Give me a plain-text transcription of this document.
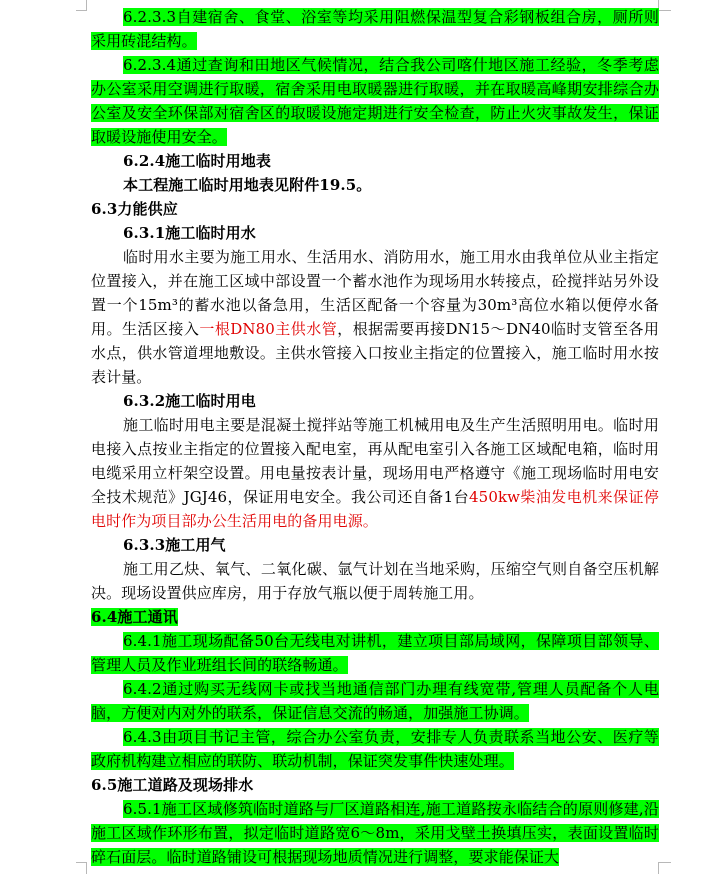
6.2.3.3自建宿舍、食堂、浴室等均采用阻燃保温型复合彩钢板组合房，厕所则采用砖混结构。

6.2.3.4通过查询和田地区气候情况，结合我公司喀什地区施工经验，冬季考虑办公室采用空调进行取暖，宿舍采用电取暖器进行取暖，并在取暖高峰期安排综合办公室及安全环保部对宿舍区的取暖设施定期进行安全检查，防止火灾事故发生，保证取暖设施使用安全。

6.2.4施工临时用地表

本工程施工临时用地表见附件19.5。

6.3力能供应

6.3.1施工临时用水

临时用水主要为施工用水、生活用水、消防用水，施工用水由我单位从业主指定位置接入，并在施工区域中部设置一个蓄水池作为现场用水转接点，砼搅拌站另外设置一个15m³的蓄水池以备急用，生活区配备一个容量为30m³高位水箱以便停水备用。生活区接入一根DN80主供水管，根据需要再接DN15～DN40临时支管至各用水点，供水管道埋地敷设。主供水管接入口按业主指定的位置接入，施工临时用水按表计量。

6.3.2施工临时用电

施工临时用电主要是混凝土搅拌站等施工机械用电及生产生活照明用电。临时用电接入点按业主指定的位置接入配电室，再从配电室引入各施工区域配电箱，临时用电缆采用立杆架空设置。用电量按表计量，现场用电严格遵守《施工现场临时用电安全技术规范》JGJ46，保证用电安全。我公司还自备1台450kw柴油发电机来保证停电时作为项目部办公生活用电的备用电源。

6.3.3施工用气

施工用乙炔、氧气、二氧化碳、氩气计划在当地采购，压缩空气则自备空压机解决。现场设置供应库房，用于存放气瓶以便于周转施工用。

6.4施工通讯

6.4.1施工现场配备50台无线电对讲机，建立项目部局域网，保障项目部领导、管理人员及作业班组长间的联络畅通。

6.4.2通过购买无线网卡或找当地通信部门办理有线宽带,管理人员配备个人电脑，方便对内对外的联系，保证信息交流的畅通，加强施工协调。

6.4.3由项目书记主管，综合办公室负责，安排专人负责联系当地公安、医疗等政府机构建立相应的联防、联动机制，保证突发事件快速处理。

6.5施工道路及现场排水

6.5.1施工区域修筑临时道路与厂区道路相连,施工道路按永临结合的原则修建,沿施工区域作环形布置，拟定临时道路宽6～8m，采用戈壁土换填压实，表面设置临时碎石面层。临时道路铺设可根据现场地质情况进行调整，要求能保证大
